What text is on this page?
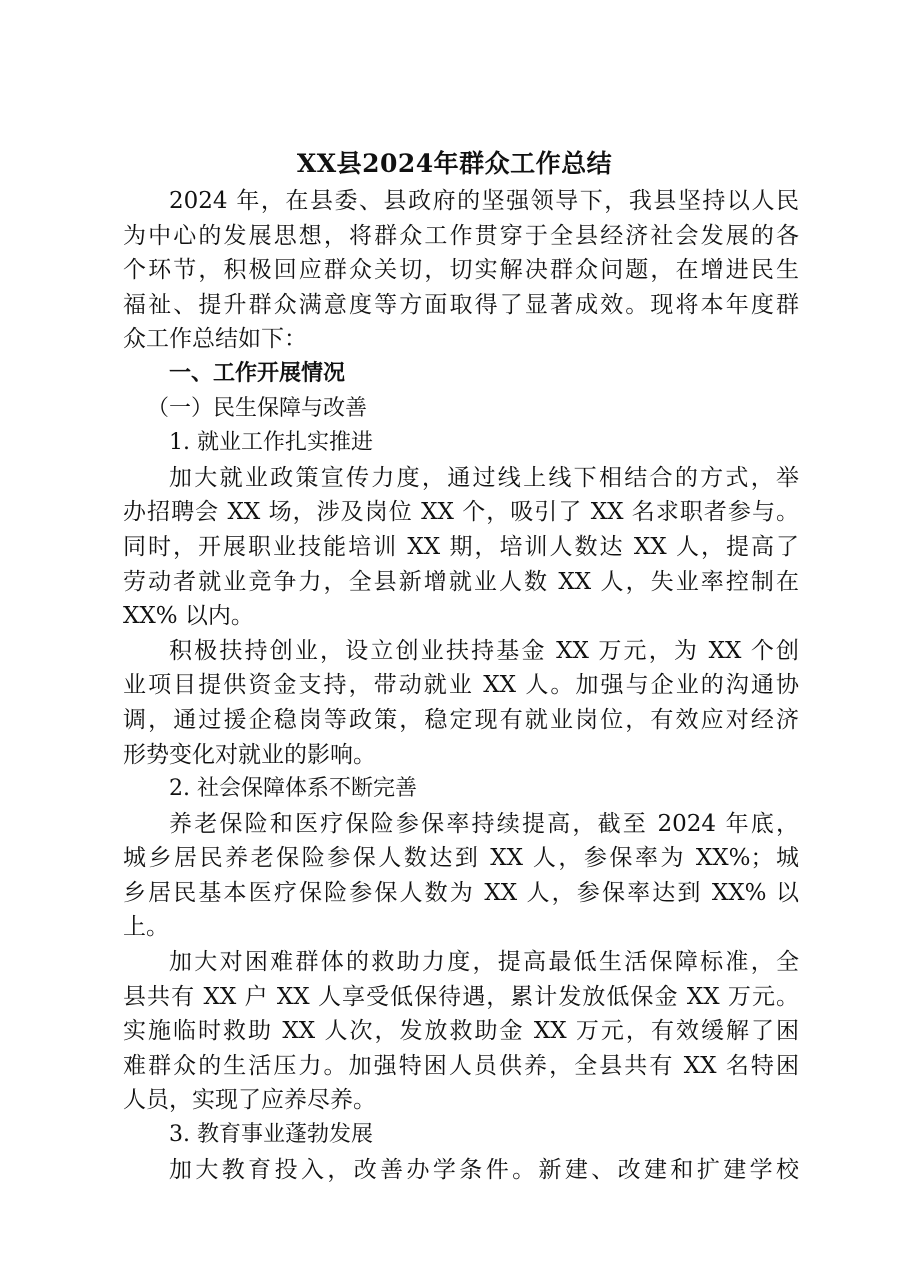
XX县2024年群众工作总结
2024 年，在县委、县政府的坚强领导下，我县坚持以人民
为中心的发展思想，将群众工作贯穿于全县经济社会发展的各
个环节，积极回应群众关切，切实解决群众问题，在增进民生
福祉、提升群众满意度等方面取得了显著成效。现将本年度群
众工作总结如下：
一、工作开展情况
（一）民生保障与改善
1. 就业工作扎实推进
加大就业政策宣传力度，通过线上线下相结合的方式，举
办招聘会 XX 场，涉及岗位 XX 个，吸引了 XX 名求职者参与。
同时，开展职业技能培训 XX 期，培训人数达 XX 人，提高了
劳动者就业竞争力，全县新增就业人数 XX 人，失业率控制在
XX% 以内。
积极扶持创业，设立创业扶持基金 XX 万元，为 XX 个创
业项目提供资金支持，带动就业 XX 人。加强与企业的沟通协
调，通过援企稳岗等政策，稳定现有就业岗位，有效应对经济
形势变化对就业的影响。
2. 社会保障体系不断完善
养老保险和医疗保险参保率持续提高，截至 2024 年底，
城乡居民养老保险参保人数达到 XX 人，参保率为 XX%；城
乡居民基本医疗保险参保人数为 XX 人，参保率达到 XX% 以
上。
加大对困难群体的救助力度，提高最低生活保障标准，全
县共有 XX 户 XX 人享受低保待遇，累计发放低保金 XX 万元。
实施临时救助 XX 人次，发放救助金 XX 万元，有效缓解了困
难群众的生活压力。加强特困人员供养，全县共有 XX 名特困
人员，实现了应养尽养。
3. 教育事业蓬勃发展
加大教育投入，改善办学条件。新建、改建和扩建学校
